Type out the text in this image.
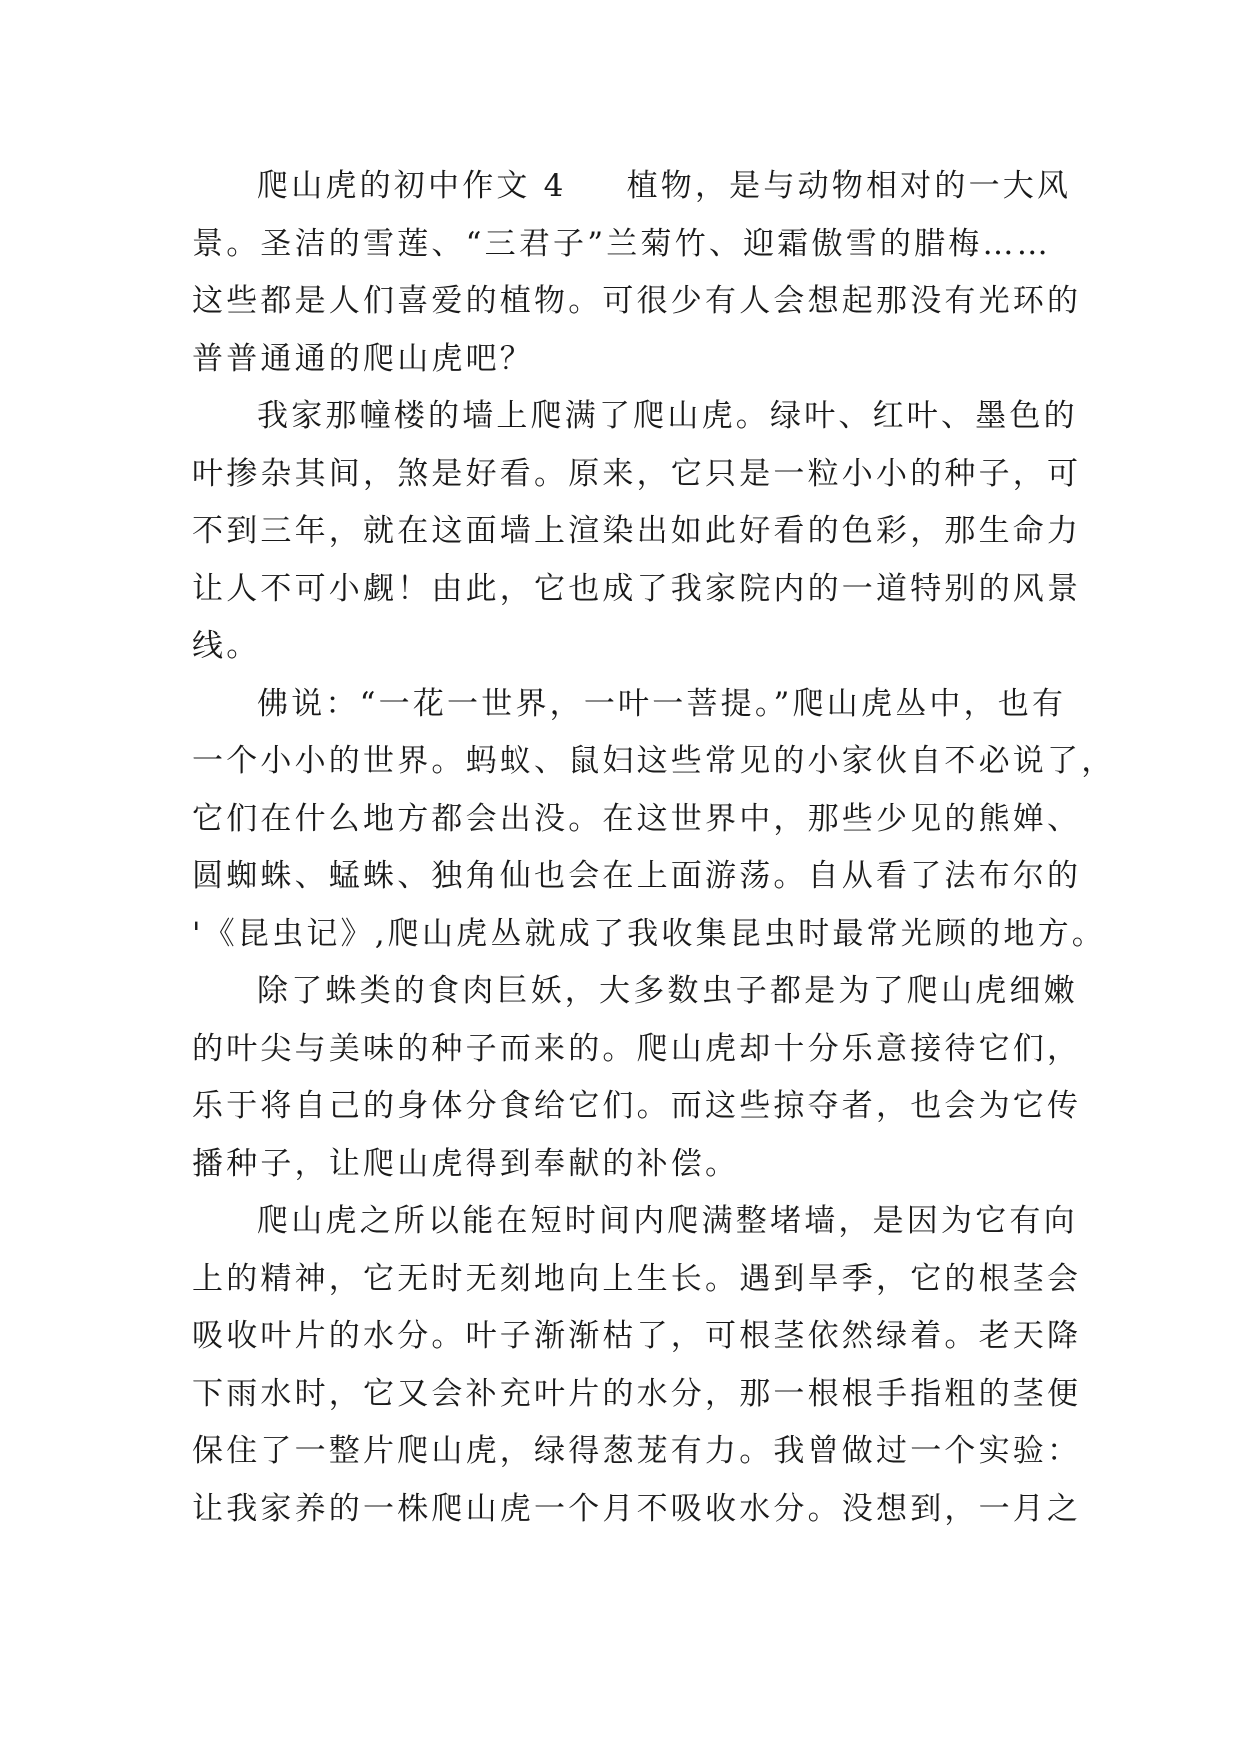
爬山虎的初中作文 4 植物，是与动物相对的一大风
景。圣洁的雪莲、“三君子”兰菊竹、迎霜傲雪的腊梅……
这些都是人们喜爱的植物。可很少有人会想起那没有光环的
普普通通的爬山虎吧？
我家那幢楼的墙上爬满了爬山虎。绿叶、红叶、墨色的
叶掺杂其间，煞是好看。原来，它只是一粒小小的种子，可
不到三年，就在这面墙上渲染出如此好看的色彩，那生命力
让人不可小觑！由此，它也成了我家院内的一道特别的风景
线。
佛说：“一花一世界，一叶一菩提。”爬山虎丛中，也有
一个小小的世界。蚂蚁、鼠妇这些常见的小家伙自不必说了，
它们在什么地方都会出没。在这世界中，那些少见的熊婵、
圆蜘蛛、蜢蛛、独角仙也会在上面游荡。自从看了法布尔的
'《昆虫记》,爬山虎丛就成了我收集昆虫时最常光顾的地方。
除了蛛类的食肉巨妖，大多数虫子都是为了爬山虎细嫩
的叶尖与美味的种子而来的。爬山虎却十分乐意接待它们，
乐于将自己的身体分食给它们。而这些掠夺者，也会为它传
播种子，让爬山虎得到奉献的补偿。
爬山虎之所以能在短时间内爬满整堵墙，是因为它有向
上的精神，它无时无刻地向上生长。遇到旱季，它的根茎会
吸收叶片的水分。叶子渐渐枯了，可根茎依然绿着。老天降
下雨水时，它又会补充叶片的水分，那一根根手指粗的茎便
保住了一整片爬山虎，绿得葱茏有力。我曾做过一个实验：
让我家养的一株爬山虎一个月不吸收水分。没想到，一月之
